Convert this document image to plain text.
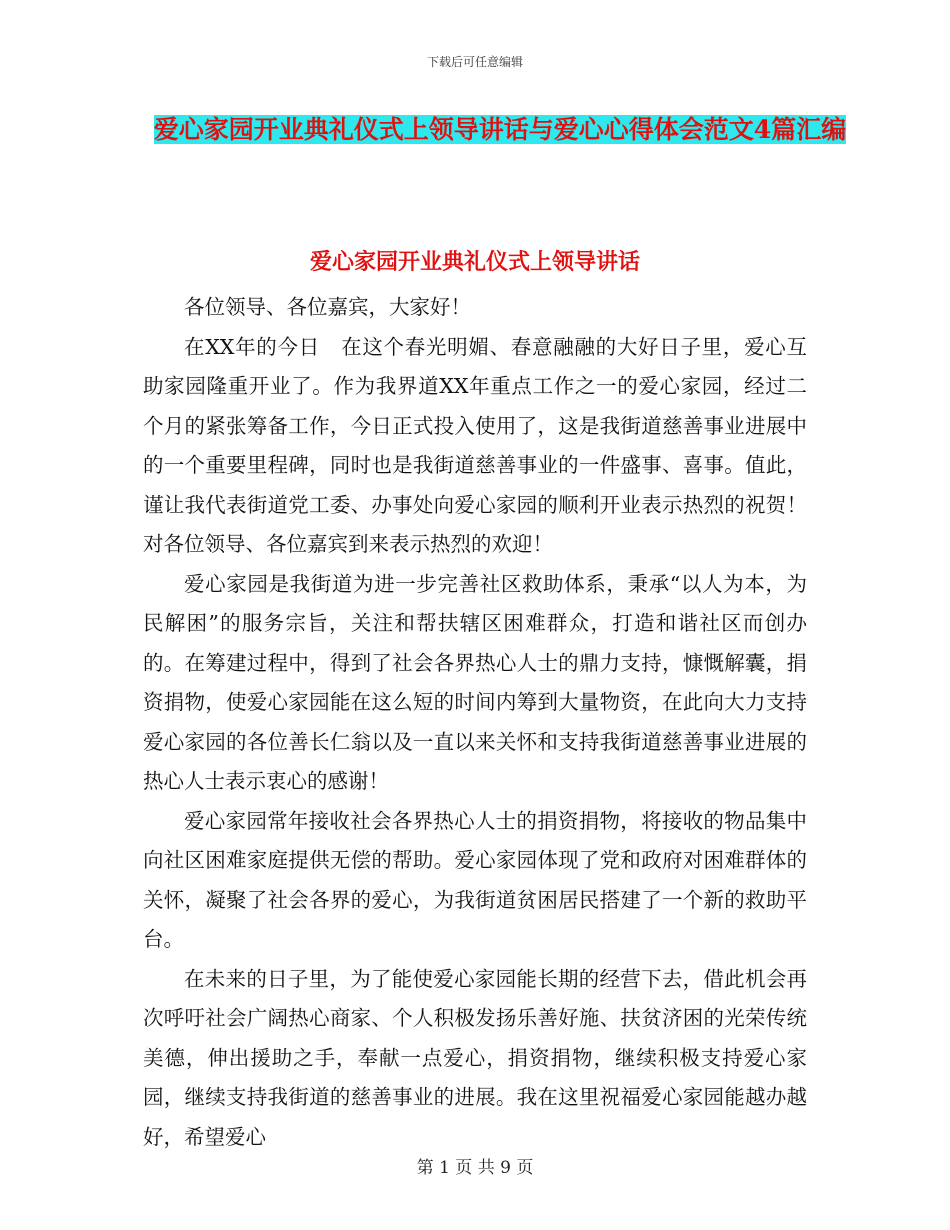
下载后可任意编辑
爱心家园开业典礼仪式上领导讲话与爱心心得体会范文4篇汇编
爱心家园开业典礼仪式上领导讲话

各位领导、各位嘉宾，大家好！

在XX年的今日　在这个春光明媚、春意融融的大好日子里，爱心互助家园隆重开业了。作为我界道XX年重点工作之一的爱心家园，经过二个月的紧张筹备工作，今日正式投入使用了，这是我街道慈善事业进展中的一个重要里程碑，同时也是我街道慈善事业的一件盛事、喜事。值此，谨让我代表街道党工委、办事处向爱心家园的顺利开业表示热烈的祝贺！对各位领导、各位嘉宾到来表示热烈的欢迎！

爱心家园是我街道为进一步完善社区救助体系，秉承“以人为本，为民解困”的服务宗旨，关注和帮扶辖区困难群众，打造和谐社区而创办的。在筹建过程中，得到了社会各界热心人士的鼎力支持，慷慨解囊，捐资捐物，使爱心家园能在这么短的时间内筹到大量物资，在此向大力支持爱心家园的各位善长仁翁以及一直以来关怀和支持我街道慈善事业进展的热心人士表示衷心的感谢！

爱心家园常年接收社会各界热心人士的捐资捐物，将接收的物品集中向社区困难家庭提供无偿的帮助。爱心家园体现了党和政府对困难群体的关怀，凝聚了社会各界的爱心，为我街道贫困居民搭建了一个新的救助平台。

在未来的日子里，为了能使爱心家园能长期的经营下去，借此机会再次呼吁社会广阔热心商家、个人积极发扬乐善好施、扶贫济困的光荣传统美德，伸出援助之手，奉献一点爱心，捐资捐物，继续积极支持爱心家园，继续支持我街道的慈善事业的进展。我在这里祝福爱心家园能越办越好，希望爱心

第 1 页 共 9 页
